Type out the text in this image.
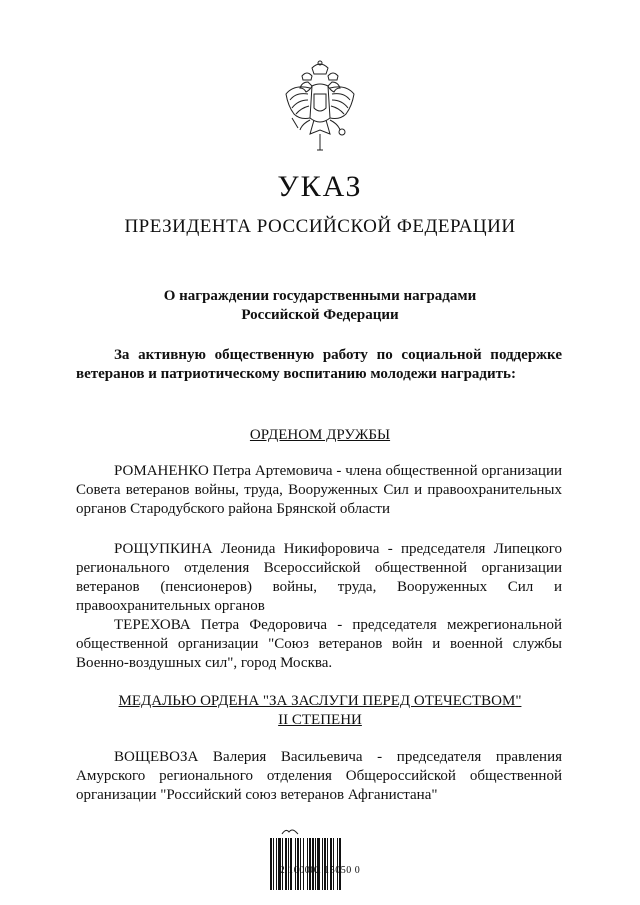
УКАЗ
ПРЕЗИДЕНТА РОССИЙСКОЙ ФЕДЕРАЦИИ
О награждении государственными наградами
Российской Федерации
За активную общественную работу по социальной поддержке ветеранов и патриотическому воспитанию молодежи наградить:
ОРДЕНОМ ДРУЖБЫ
РОМАНЕНКО Петра Артемовича - члена общественной организации Совета ветеранов войны, труда, Вооруженных Сил и правоохранительных органов Стародубского района Брянской области
РОЩУПКИНА Леонида Никифоровича - председателя Липецкого регионального отделения Всероссийской общественной организации ветеранов (пенсионеров) войны, труда, Вооруженных Сил и правоохранительных органов
ТЕРЕХОВА Петра Федоровича - председателя межрегиональной общественной организации "Союз ветеранов войн и военной службы Военно-воздушных сил", город Москва.
МЕДАЛЬЮ ОРДЕНА "ЗА ЗАСЛУГИ ПЕРЕД ОТЕЧЕСТВОМ"
II СТЕПЕНИ
ВОЩЕВОЗА Валерия Васильевича - председателя правления Амурского регионального отделения Общероссийской общественной организации "Российский союз ветеранов Афганистана"
2 100002 15050 0
